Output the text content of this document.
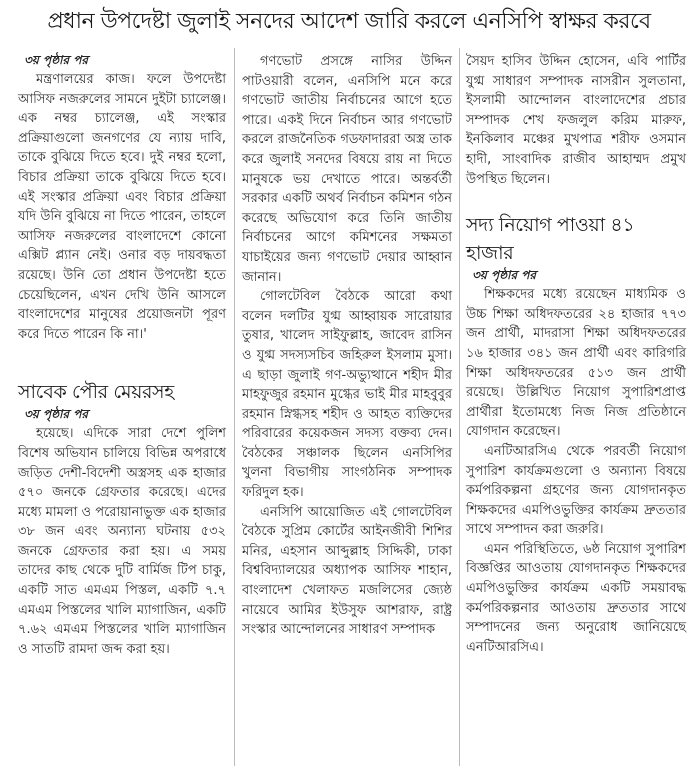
প্রধান উপদেষ্টা জুলাই সনদের আদেশ জারি করলে এনসিপি স্বাক্ষর করবে
৩য় পৃষ্ঠার পর

মন্ত্রণালয়ের কাজ। ফলে উপদেষ্টা আসিফ নজরুলের সামনে দুইটা চ্যালেঞ্জ। এক নম্বর চ্যালেঞ্জ, এই সংস্কার প্রক্রিয়াগুলো জনগণের যে ন্যায় দাবি, তাকে বুঝিয়ে দিতে হবে। দুই নম্বর হলো, বিচার প্রক্রিয়া তাকে বুঝিয়ে দিতে হবে। এই সংস্কার প্রক্রিয়া এবং বিচার প্রক্রিয়া যদি উনি বুঝিয়ে না দিতে পারেন, তাহলে আসিফ নজরুলের বাংলাদেশে কোনো এক্সিট প্ল্যান নেই। ওনার বড় দায়বদ্ধতা রয়েছে। উনি তো প্রধান উপদেষ্টা হতে চেয়েছিলেন, এখন দেখি উনি আসলে বাংলাদেশের মানুষের প্রয়োজনটা পূরণ করে দিতে পারেন কি না।'

সাবেক পৌর মেয়রসহ
৩য় পৃষ্ঠার পর

হয়েছে। এদিকে সারা দেশে পুলিশ বিশেষ অভিযান চালিয়ে বিভিন্ন অপরাধে জড়িত দেশী-বিদেশী অস্ত্রসহ এক হাজার ৫৭০ জনকে গ্রেফতার করেছে। এদের মধ্যে মামলা ও পরোয়ানাভুক্ত এক হাজার ৩৮ জন এবং অন্যান্য ঘটনায় ৫৩২ জনকে গ্রেফতার করা হয়। এ সময় তাদের কাছ থেকে দুটি বার্মিজ টিপ চাকু, একটি সাত এমএম পিস্তল, একটি ৭.৭ এমএম পিস্তলের খালি ম্যাগাজিন, একটি ৭.৬২ এমএম পিস্তলের খালি ম্যাগাজিন ও সাতটি রামদা জব্দ করা হয়।

গণভোট প্রসঙ্গে নাসির উদ্দিন পাটওয়ারী বলেন, এনসিপি মনে করে গণভোট জাতীয় নির্বাচনের আগে হতে পারে। একই দিনে নির্বাচন আর গণভোট করলে রাজনৈতিক গডফাদাররা অস্ত্র তাক করে জুলাই সনদের বিষয়ে রায় না দিতে মানুষকে ভয় দেখাতে পারে। অন্তর্বর্তী সরকার একটি অথর্ব নির্বাচন কমিশন গঠন করেছে অভিযোগ করে তিনি জাতীয় নির্বাচনের আগে কমিশনের সক্ষমতা যাচাইয়ের জন্য গণভোট দেয়ার আহ্বান জানান।

গোলটেবিল বৈঠকে আরো কথা বলেন দলটির যুগ্ম আহ্বায়ক সারোয়ার তুষার, খালেদ সাইফুল্লাহ, জাবেদ রাসিন ও যুগ্ম সদস্যসচিব জহিরুল ইসলাম মুসা। এ ছাড়া জুলাই গণ-অভ্যুত্থানে শহীদ মীর মাহফুজুর রহমান মুগ্ধের ভাই মীর মাহবুবুর রহমান স্নিগ্ধসহ শহীদ ও আহত ব্যক্তিদের পরিবারের কয়েকজন সদস্য বক্তব্য দেন। বৈঠকের সঞ্চালক ছিলেন এনসিপির খুলনা বিভাগীয় সাংগঠনিক সম্পাদক ফরিদুল হক।

এনসিপি আয়োজিত এই গোলটেবিল বৈঠকে সুপ্রিম কোর্টের আইনজীবী শিশির মনির, এহসান আব্দুল্লাহ সিদ্দিকী, ঢাকা বিশ্ববিদ্যালয়ের অধ্যাপক আসিফ শাহান, বাংলাদেশ খেলাফত মজলিসের জ্যেষ্ঠ নায়েবে আমির ইউসুফ আশরাফ, রাষ্ট্র সংস্কার আন্দোলনের সাধারণ সম্পাদক

সৈয়দ হাসিব উদ্দিন হোসেন, এবি পার্টির যুগ্ম সাধারণ সম্পাদক নাসরীন সুলতানা, ইসলামী আন্দোলন বাংলাদেশের প্রচার সম্পাদক শেখ ফজলুল করিম মারুফ, ইনকিলাব মঞ্চের মুখপাত্র শরীফ ওসমান হাদী, সাংবাদিক রাজীব আহাম্মদ প্রমুখ উপস্থিত ছিলেন।

সদ্য নিয়োগ পাওয়া ৪১ হাজার
৩য় পৃষ্ঠার পর

শিক্ষকদের মধ্যে রয়েছেন মাধ্যমিক ও উচ্চ শিক্ষা অধিদফতরের ২৪ হাজার ৭৭৩ জন প্রার্থী, মাদরাসা শিক্ষা অধিদফতরের ১৬ হাজার ৩৪১ জন প্রার্থী এবং কারিগরি শিক্ষা অধিদফতরের ৫১৩ জন প্রার্থী রয়েছে। উল্লিখিত নিয়োগ সুপারিশপ্রাপ্ত প্রার্থীরা ইতোমধ্যে নিজ নিজ প্রতিষ্ঠানে যোগদান করেছেন।

এনটিআরসিএ থেকে পরবর্তী নিয়োগ সুপারিশ কার্যক্রমগুলো ও অন্যান্য বিষয়ে কর্মপরিকল্পনা গ্রহণের জন্য যোগদানকৃত শিক্ষকদের এমপিওভুক্তির কার্যক্রম দ্রুততার সাথে সম্পাদন করা জরুরি।

এমন পরিস্থিতিতে, ৬ষ্ঠ নিয়োগ সুপারিশ বিজ্ঞপ্তির আওতায় যোগদানকৃত শিক্ষকদের এমপিওভুক্তির কার্যক্রম একটি সময়াবদ্ধ কর্মপরিকল্পনার আওতায় দ্রুততার সাথে সম্পাদনের জন্য অনুরোধ জানিয়েছে এনটিআরসিএ।
